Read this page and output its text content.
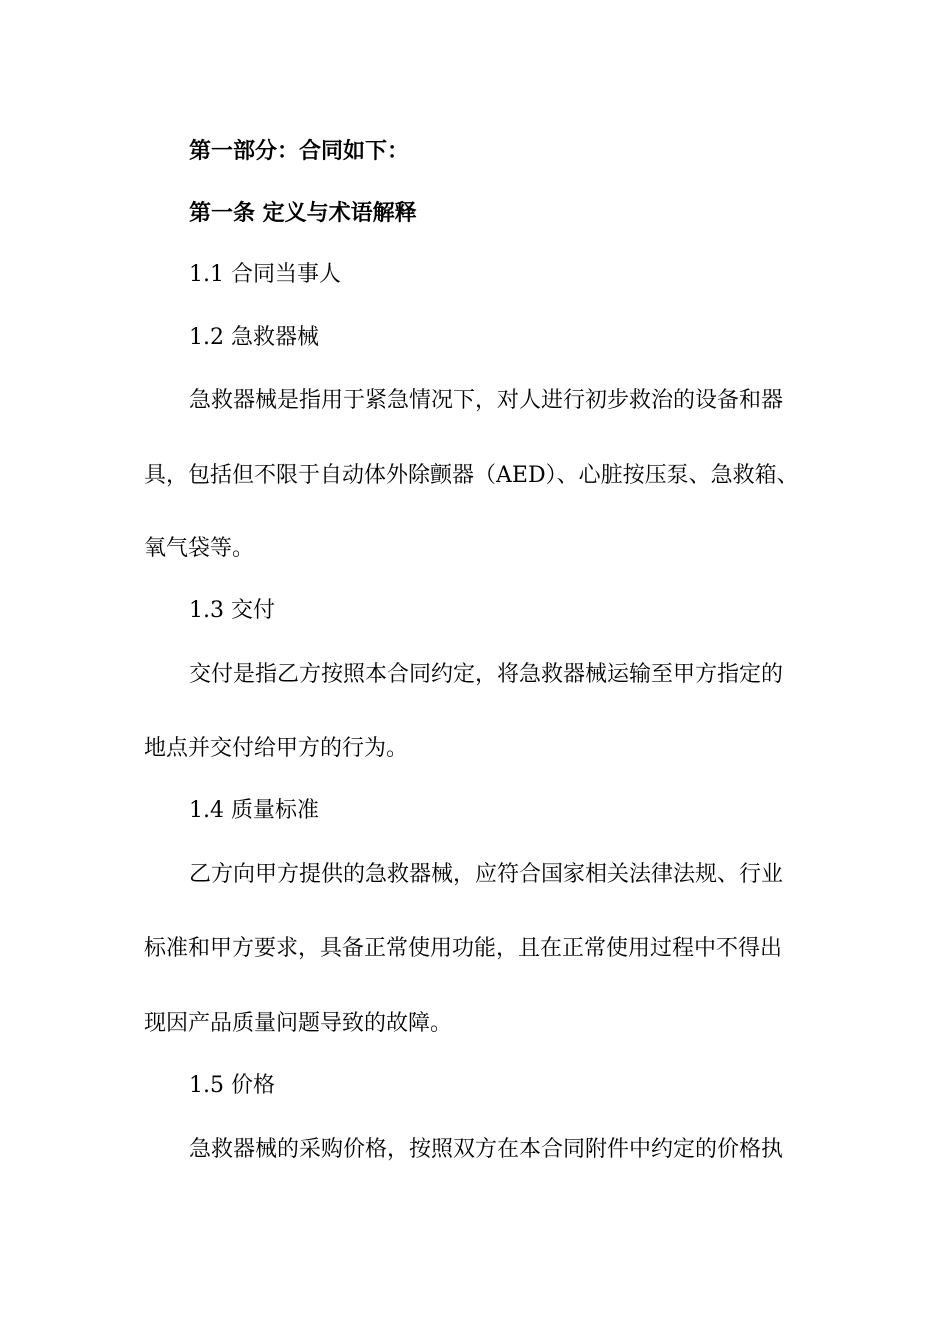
第一部分：合同如下：

第一条 定义与术语解释

1.1 合同当事人

1.2 急救器械

急救器械是指用于紧急情况下，对人进行初步救治的设备和器

具，包括但不限于自动体外除颤器（AED）、心脏按压泵、急救箱、

氧气袋等。

1.3 交付

交付是指乙方按照本合同约定，将急救器械运输至甲方指定的

地点并交付给甲方的行为。

1.4 质量标准

乙方向甲方提供的急救器械，应符合国家相关法律法规、行业

标准和甲方要求，具备正常使用功能，且在正常使用过程中不得出

现因产品质量问题导致的故障。

1.5 价格

急救器械的采购价格，按照双方在本合同附件中约定的价格执
